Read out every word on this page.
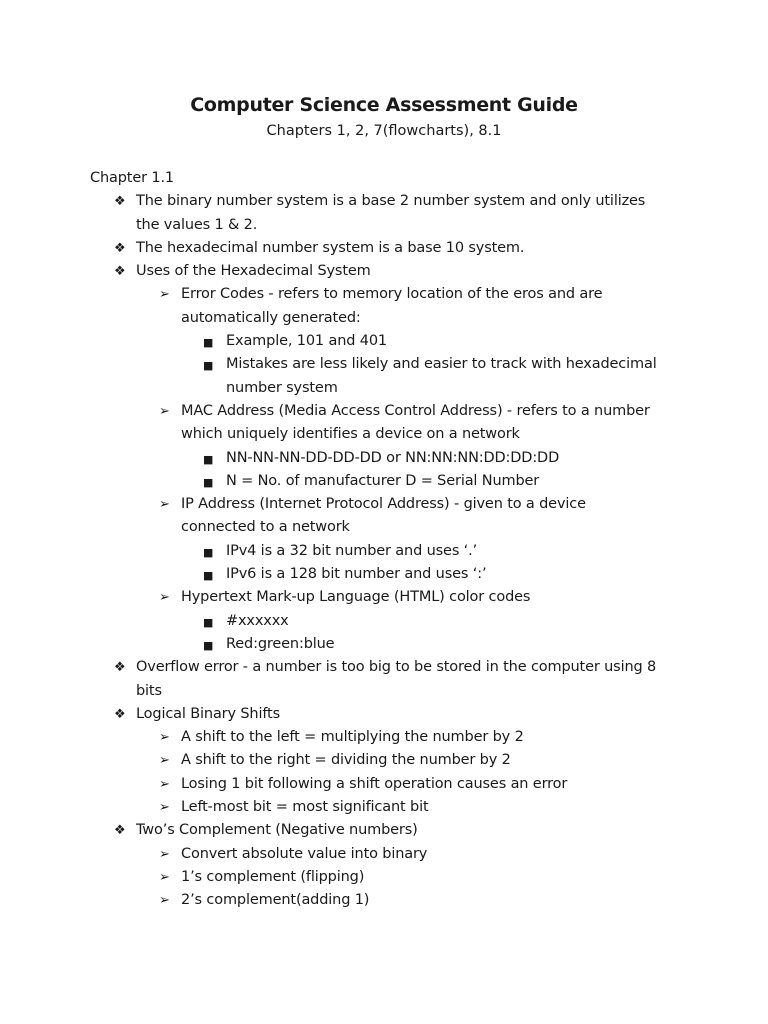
Computer Science Assessment Guide
Chapters 1, 2, 7(flowcharts), 8.1
Chapter 1.1
❖ The binary number system is a base 2 number system and only utilizes
the values 1 & 2.
❖ The hexadecimal number system is a base 10 system.
❖ Uses of the Hexadecimal System
➢ Error Codes - refers to memory location of the eros and are
automatically generated:
■ Example, 101 and 401
■ Mistakes are less likely and easier to track with hexadecimal
number system
➢ MAC Address (Media Access Control Address) - refers to a number
which uniquely identifies a device on a network
■ NN-NN-NN-DD-DD-DD or NN:NN:NN:DD:DD:DD
■ N = No. of manufacturer D = Serial Number
➢ IP Address (Internet Protocol Address) - given to a device
connected to a network
■ IPv4 is a 32 bit number and uses ‘.’
■ IPv6 is a 128 bit number and uses ‘:’
➢ Hypertext Mark-up Language (HTML) color codes
■ #xxxxxx
■ Red:green:blue
❖ Overflow error - a number is too big to be stored in the computer using 8
bits
❖ Logical Binary Shifts
➢ A shift to the left = multiplying the number by 2
➢ A shift to the right = dividing the number by 2
➢ Losing 1 bit following a shift operation causes an error
➢ Left-most bit = most significant bit
❖ Two’s Complement (Negative numbers)
➢ Convert absolute value into binary
➢ 1’s complement (flipping)
➢ 2’s complement(adding 1)
